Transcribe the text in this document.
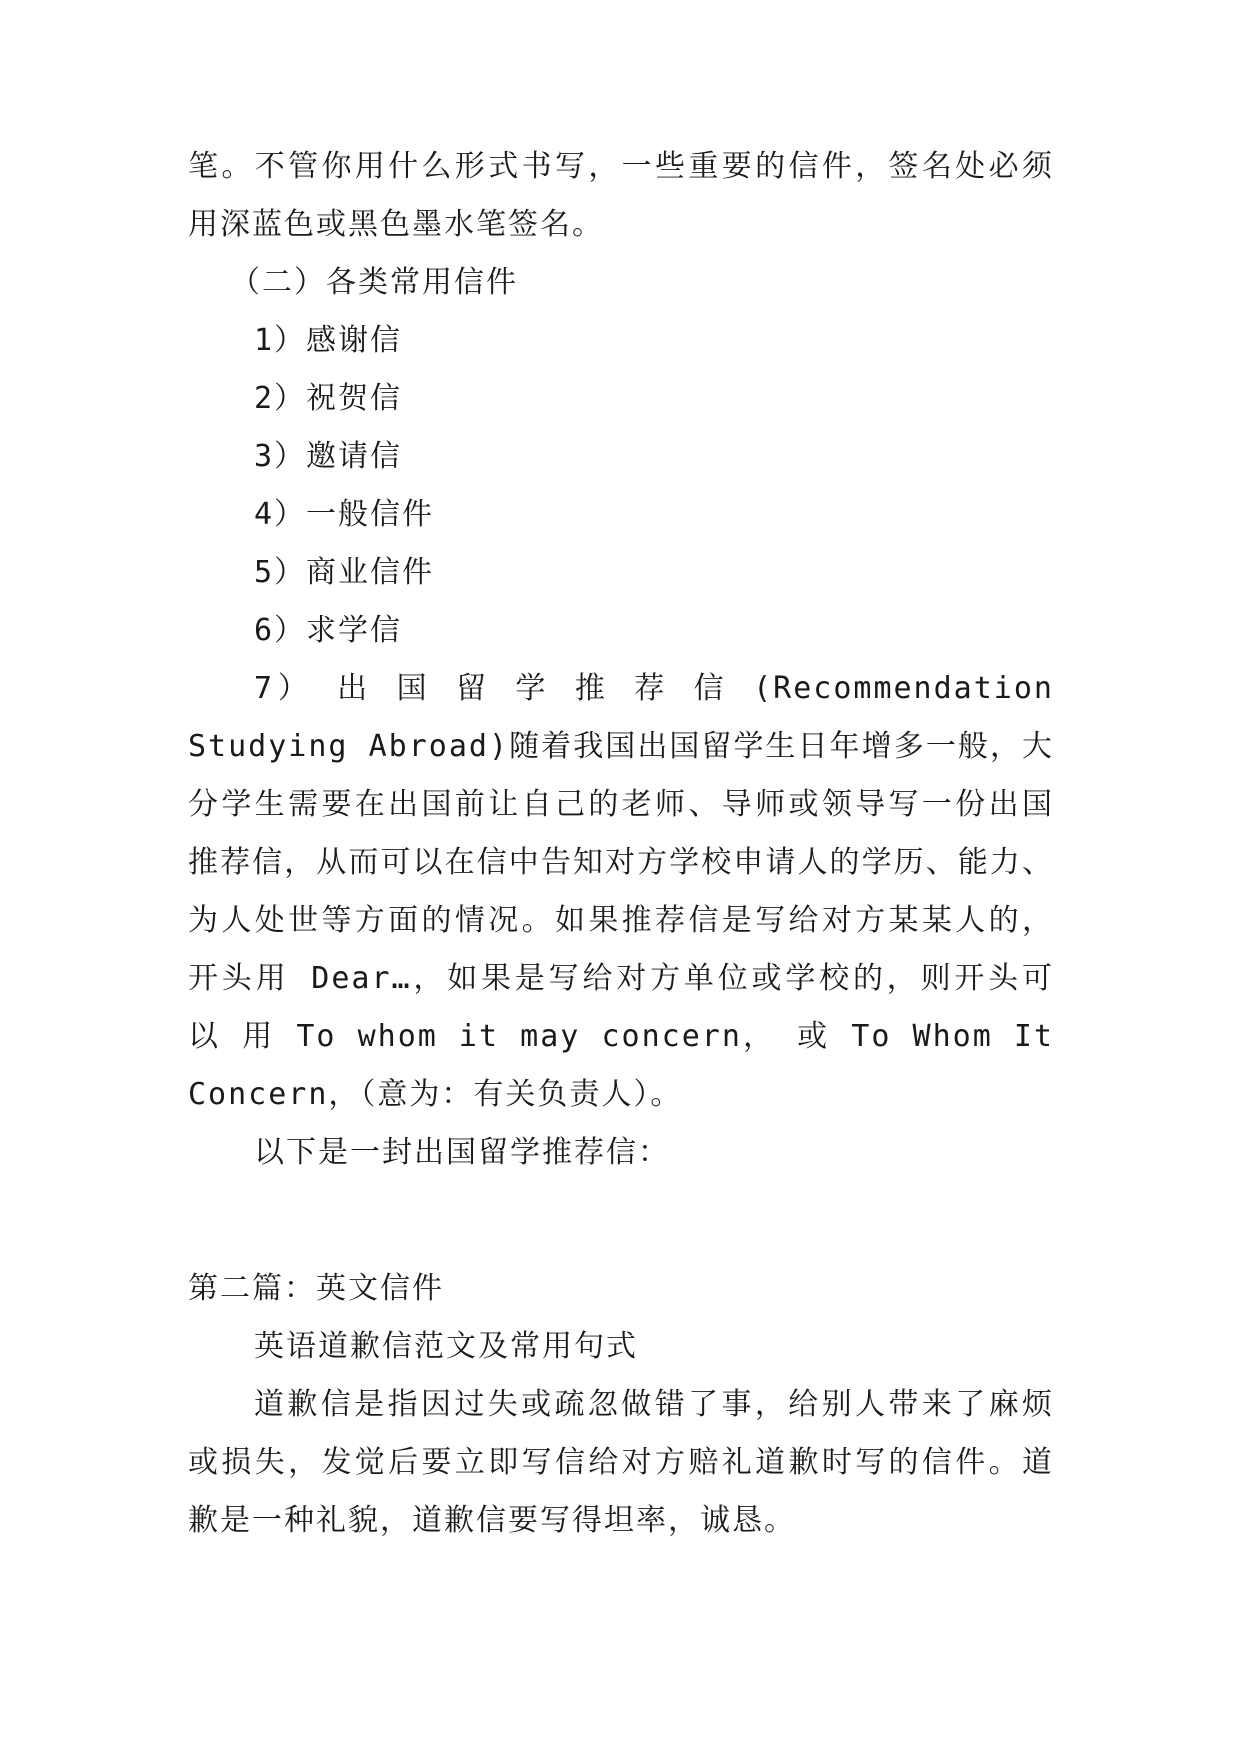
笔。不管你用什么形式书写，一些重要的信件，签名处必须
用深蓝色或黑色墨水笔签名。
（二）各类常用信件
1）感谢信
2）祝贺信
3）邀请信
4）一般信件
5）商业信件
6）求学信
7） 出 国 留 学 推 荐 信 (Recommendation
Studying Abroad)随着我国出国留学生日年增多一般，大
分学生需要在出国前让自己的老师、导师或领导写一份出国
推荐信，从而可以在信中告知对方学校申请人的学历、能力、
为人处世等方面的情况。如果推荐信是写给对方某某人的，
开头用 Dear…，如果是写给对方单位或学校的，则开头可
以 用 To whom it may concern， 或 To Whom It
Concern，（意为：有关负责人）。
以下是一封出国留学推荐信：
第二篇：英文信件
英语道歉信范文及常用句式
道歉信是指因过失或疏忽做错了事，给别人带来了麻烦
或损失，发觉后要立即写信给对方赔礼道歉时写的信件。道
歉是一种礼貌，道歉信要写得坦率，诚恳。
